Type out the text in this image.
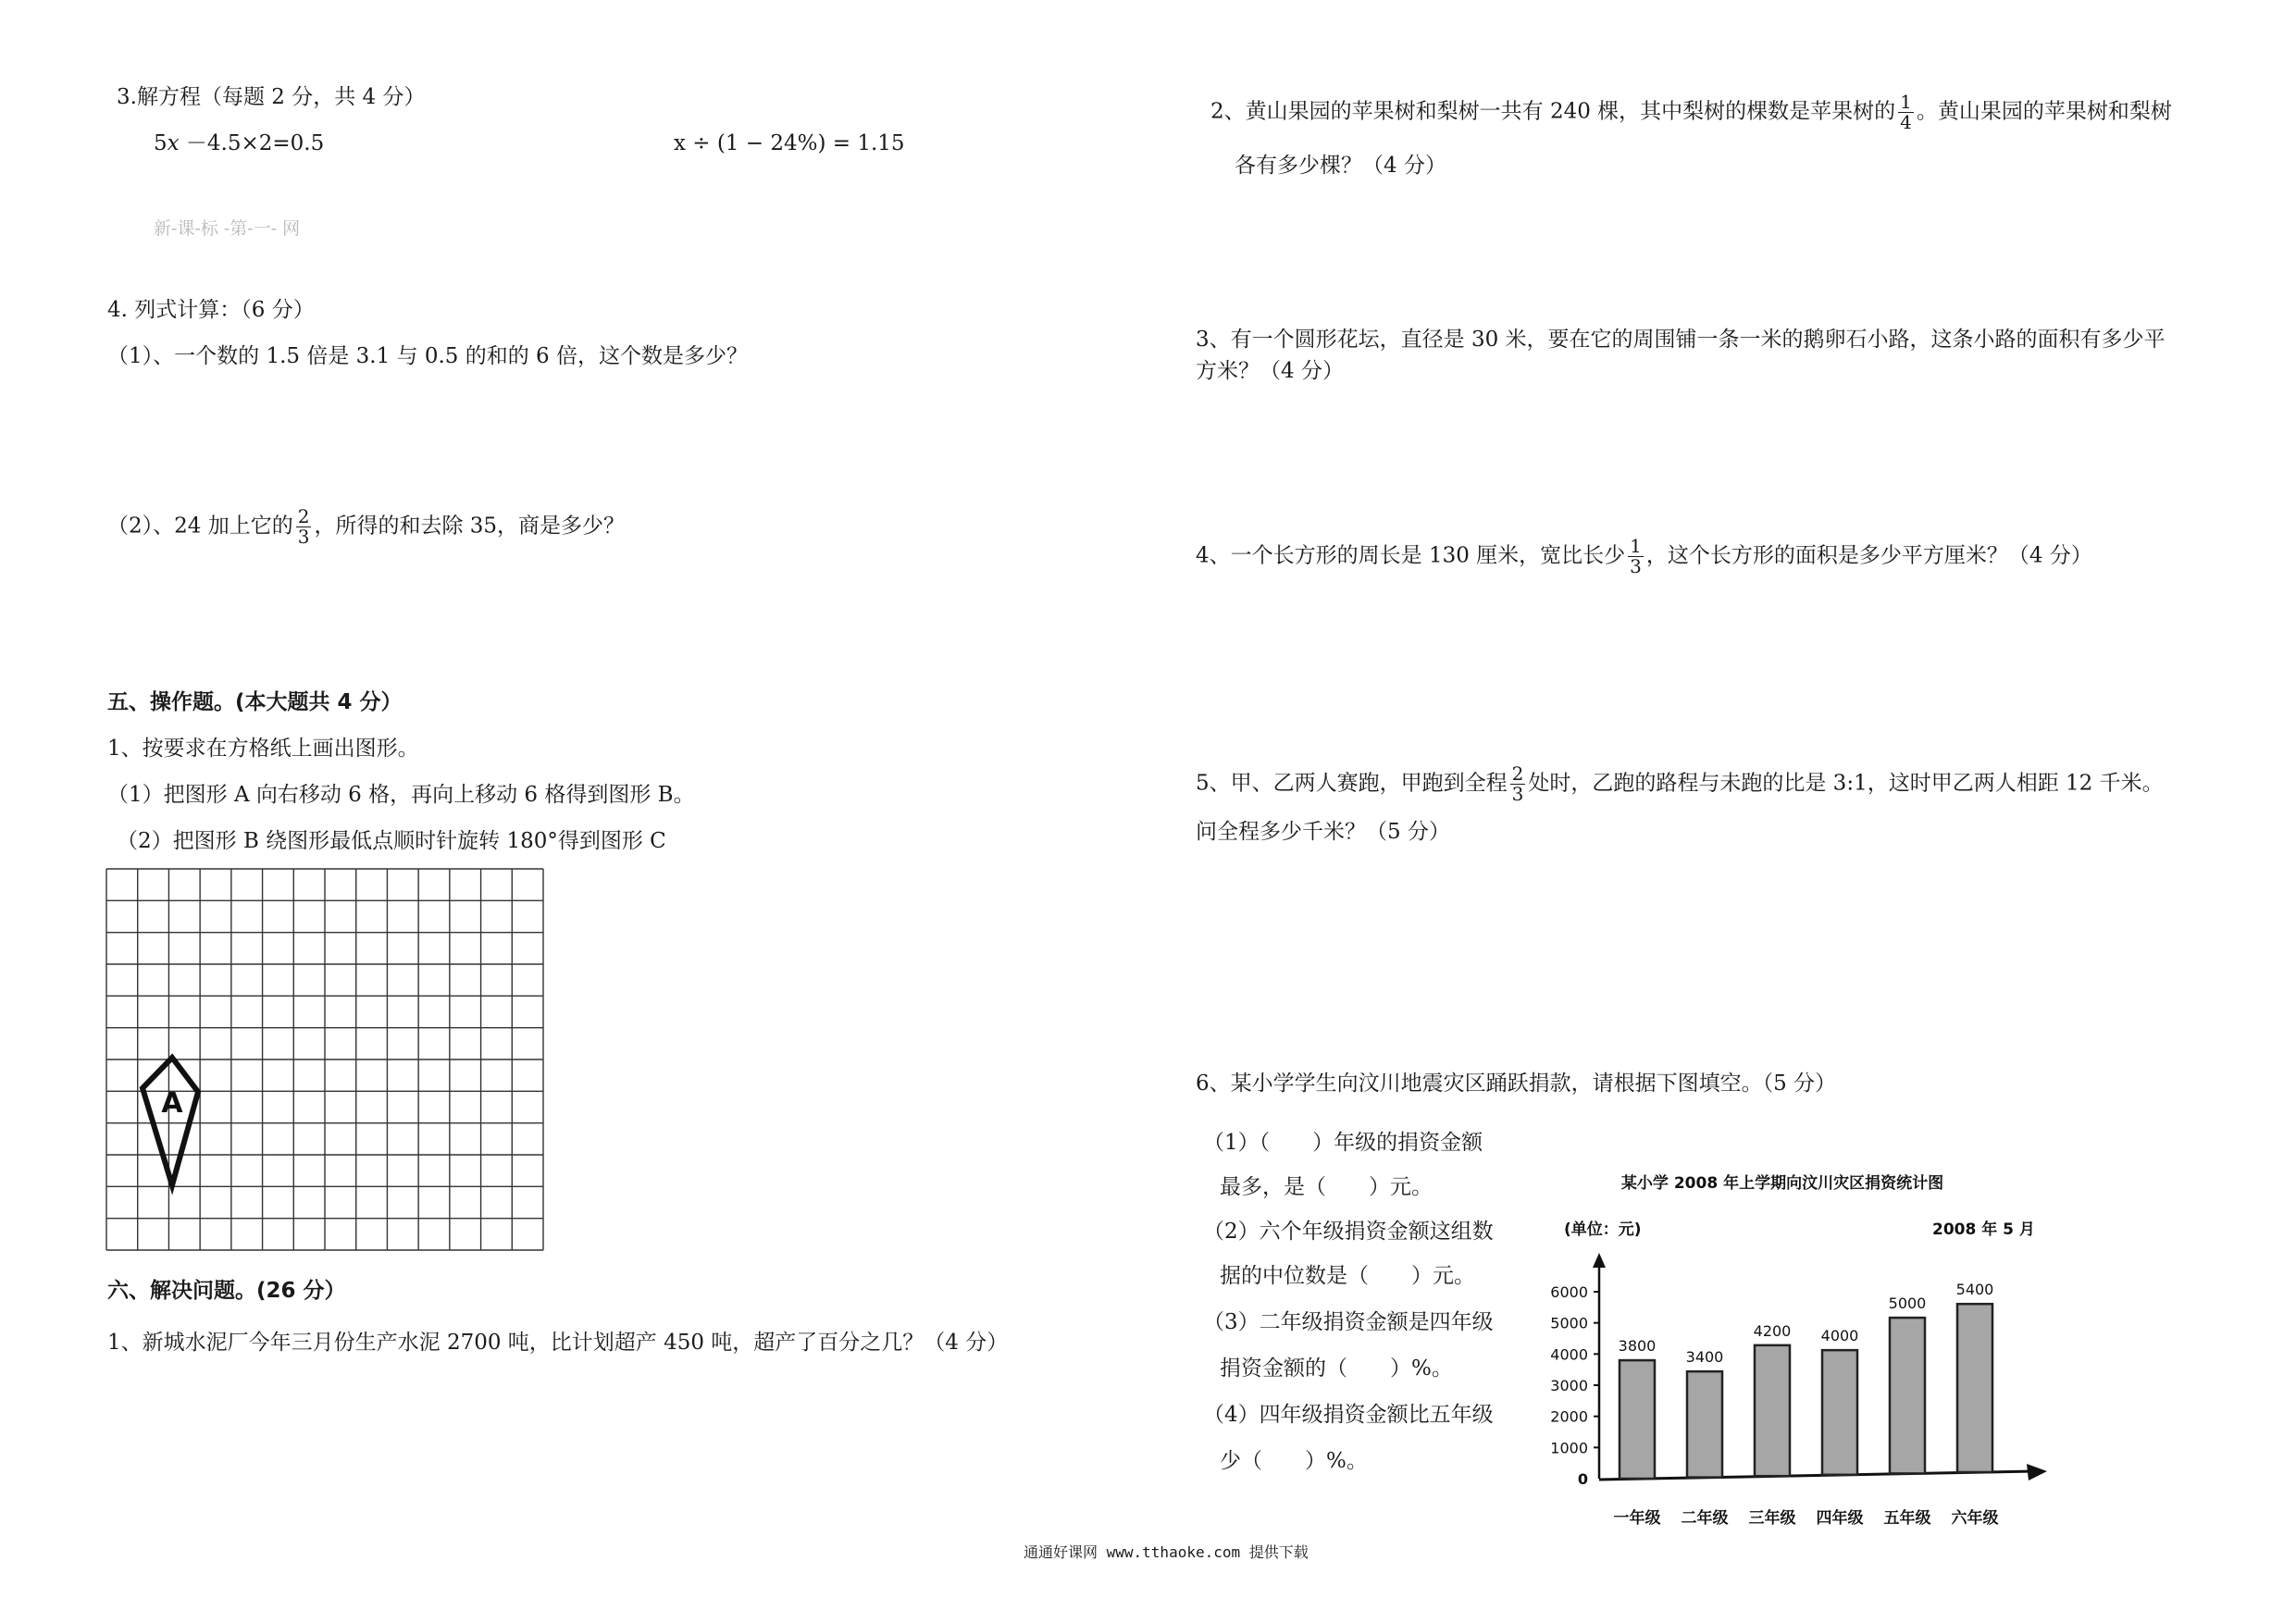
3.解方程（每题 2 分，共 4 分）
5𝑥 －4.5×2=0.5	x ÷ (1 − 24%) = 1.15
新-课-标 -第-一- 网
4. 列式计算：（6 分）
（1）、一个数的 1.5 倍是 3.1 与 0.5 的和的 6 倍，这个数是多少？
（2）、24 加上它的 $\frac{2}{3}$ ，所得的和去除 35，商是多少？
五、操作题。(本大题共 4 分）
1、按要求在方格纸上画出图形。
（1）把图形 A 向右移动 6 格，再向上移动 6 格得到图形 B。
（2）把图形 B 绕图形最低点顺时针旋转 180°得到图形 C
A
六、解决问题。(26 分）
1、新城水泥厂今年三月份生产水泥 2700 吨，比计划超产 450 吨，超产了百分之几？（4 分）
2、黄山果园的苹果树和梨树一共有 240 棵，其中梨树的棵数是苹果树的 $\frac{1}{4}$ 。黄山果园的苹果树和梨树
各有多少棵？（4 分）
3、有一个圆形花坛，直径是 30 米，要在它的周围铺一条一米的鹅卵石小路，这条小路的面积有多少平
方米？（4 分）
4、一个长方形的周长是 130 厘米，宽比长少 $\frac{1}{3}$ ，这个长方形的面积是多少平方厘米？（4 分）
5、甲、乙两人赛跑，甲跑到全程 $\frac{2}{3}$ 处时，乙跑的路程与未跑的比是 3:1，这时甲乙两人相距 12 千米。
问全程多少千米？（5 分）
6、某小学学生向汶川地震灾区踊跃捐款，请根据下图填空。（5 分）
（1）（　　）年级的捐资金额
最多，是（　　）元。
（2）六个年级捐资金额这组数
据的中位数是（　　）元。
（3）二年级捐资金额是四年级
捐资金额的（　　）%。
（4）四年级捐资金额比五年级
少（　　）%。
某小学 2008 年上学期向汶川灾区捐资统计图
(单位：元)	2008 年 5 月
0
1000
2000
3000
4000
5000
6000
3800
一年级
3400
二年级
4200
三年级
4000
四年级
5000
五年级
5400
六年级
通通好课网 www.tthaoke.com 提供下载
